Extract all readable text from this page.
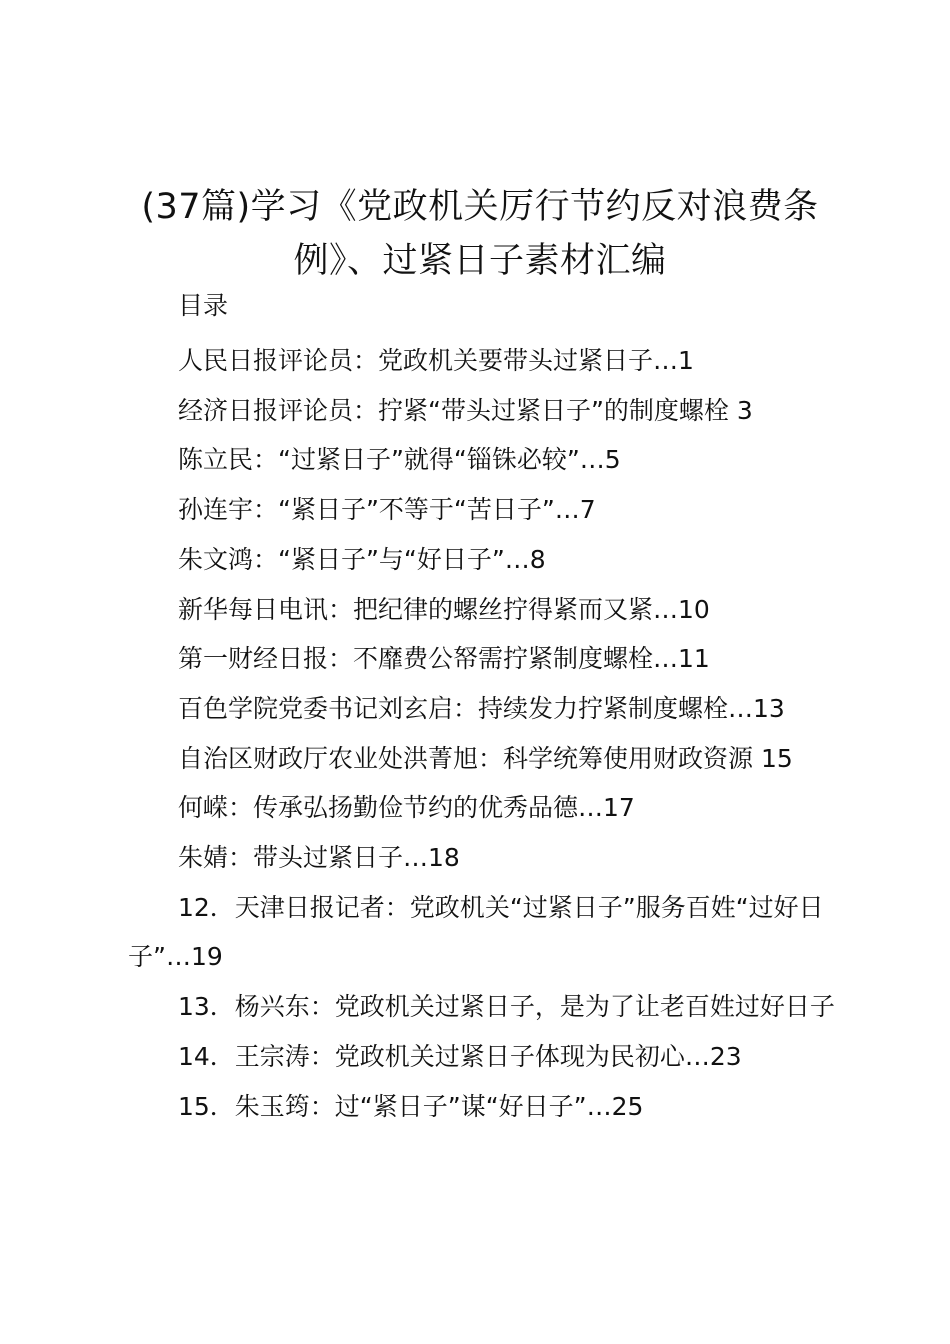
(37篇)学习《党政机关厉行节约反对浪费条例》、过紧日子素材汇编
目录
人民日报评论员：党政机关要带头过紧日子…1
经济日报评论员：拧紧“带头过紧日子”的制度螺栓 3
陈立民：“过紧日子”就得“锱铢必较”…5
孙连宇：“紧日子”不等于“苦日子”…7
朱文鸿：“紧日子”与“好日子”…8
新华每日电讯：把纪律的螺丝拧得紧而又紧…10
第一财经日报：不靡费公帑需拧紧制度螺栓…11
百色学院党委书记刘玄启：持续发力拧紧制度螺栓…13
自治区财政厅农业处洪菁旭：科学统筹使用财政资源 15
何嵘：传承弘扬勤俭节约的优秀品德…17
朱婧：带头过紧日子…18
12．天津日报记者：党政机关“过紧日子”服务百姓“过好日子”…19
13．杨兴东：党政机关过紧日子，是为了让老百姓过好日子
14．王宗涛：党政机关过紧日子体现为民初心…23
15．朱玉筠：过“紧日子”谋“好日子”…25
